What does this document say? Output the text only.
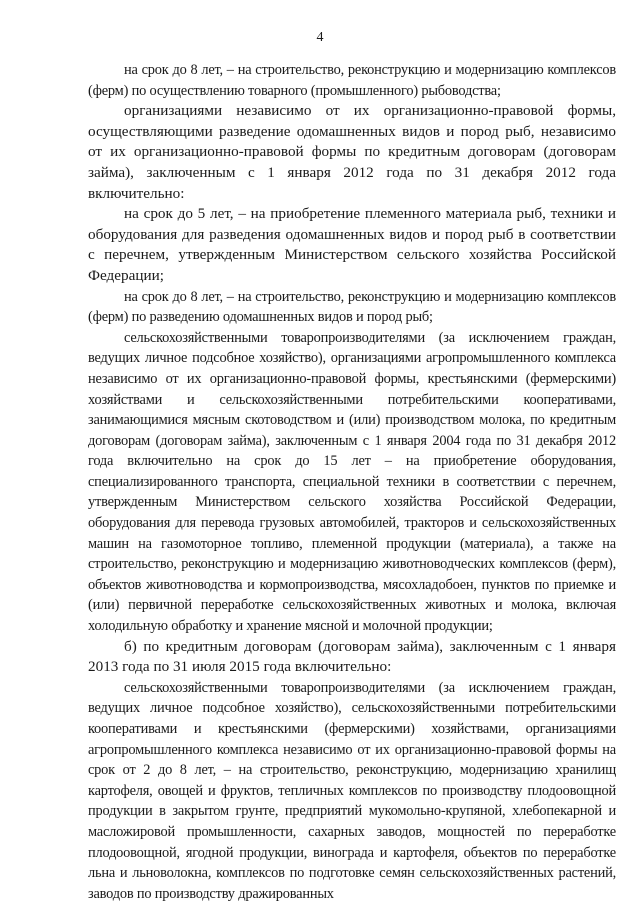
4

на срок до 8 лет, – на строительство, реконструкцию и модернизацию комплексов (ферм) по осуществлению товарного (промышленного) рыбоводства;

организациями независимо от их организационно-правовой формы, осуществляющими разведение одомашненных видов и пород рыб, независимо от их организационно-правовой формы по кредитным договорам (договорам займа), заключенным с 1 января 2012 года по 31 декабря 2012 года включительно:

на срок до 5 лет, – на приобретение племенного материала рыб, техники и оборудования для разведения одомашненных видов и пород рыб в соответствии с перечнем, утвержденным Министерством сельского хозяйства Российской Федерации;

на срок до 8 лет, – на строительство, реконструкцию и модернизацию комплексов (ферм) по разведению одомашненных видов и пород рыб;

сельскохозяйственными товаропроизводителями (за исключением граждан, ведущих личное подсобное хозяйство), организациями агропромышленного комплекса независимо от их организационно-правовой формы, крестьянскими (фермерскими) хозяйствами и сельскохозяйственными потребительскими кооперативами, занимающимися мясным скотоводством и (или) производством молока, по кредитным договорам (договорам займа), заключенным с 1 января 2004 года по 31 декабря 2012 года включительно на срок до 15 лет – на приобретение оборудования, специализированного транспорта, специальной техники в соответствии с перечнем, утвержденным Министерством сельского хозяйства Российской Федерации, оборудования для перевода грузовых автомобилей, тракторов и сельскохозяйственных машин на газомоторное топливо, племенной продукции (материала), а также на строительство, реконструкцию и модернизацию животноводческих комплексов (ферм), объектов животноводства и кормопроизводства, мясохладобоен, пунктов по приемке и (или) первичной переработке сельскохозяйственных животных и молока, включая холодильную обработку и хранение мясной и молочной продукции;

б) по кредитным договорам (договорам займа), заключенным с 1 января 2013 года по 31 июля 2015 года включительно:

сельскохозяйственными товаропроизводителями (за исключением граждан, ведущих личное подсобное хозяйство), сельскохозяйственными потребительскими кооперативами и крестьянскими (фермерскими) хозяйствами, организациями агропромышленного комплекса независимо от их организационно-правовой формы на срок от 2 до 8 лет, – на строительство, реконструкцию, модернизацию хранилищ картофеля, овощей и фруктов, тепличных комплексов по производству плодоовощной продукции в закрытом грунте, предприятий мукомольно-крупяной, хлебопекарной и масложировой промышленности, сахарных заводов, мощностей по переработке плодоовощной, ягодной продукции, винограда и картофеля, объектов по переработке льна и льноволокна, комплексов по подготовке семян сельскохозяйственных растений, заводов по производству дражированных
